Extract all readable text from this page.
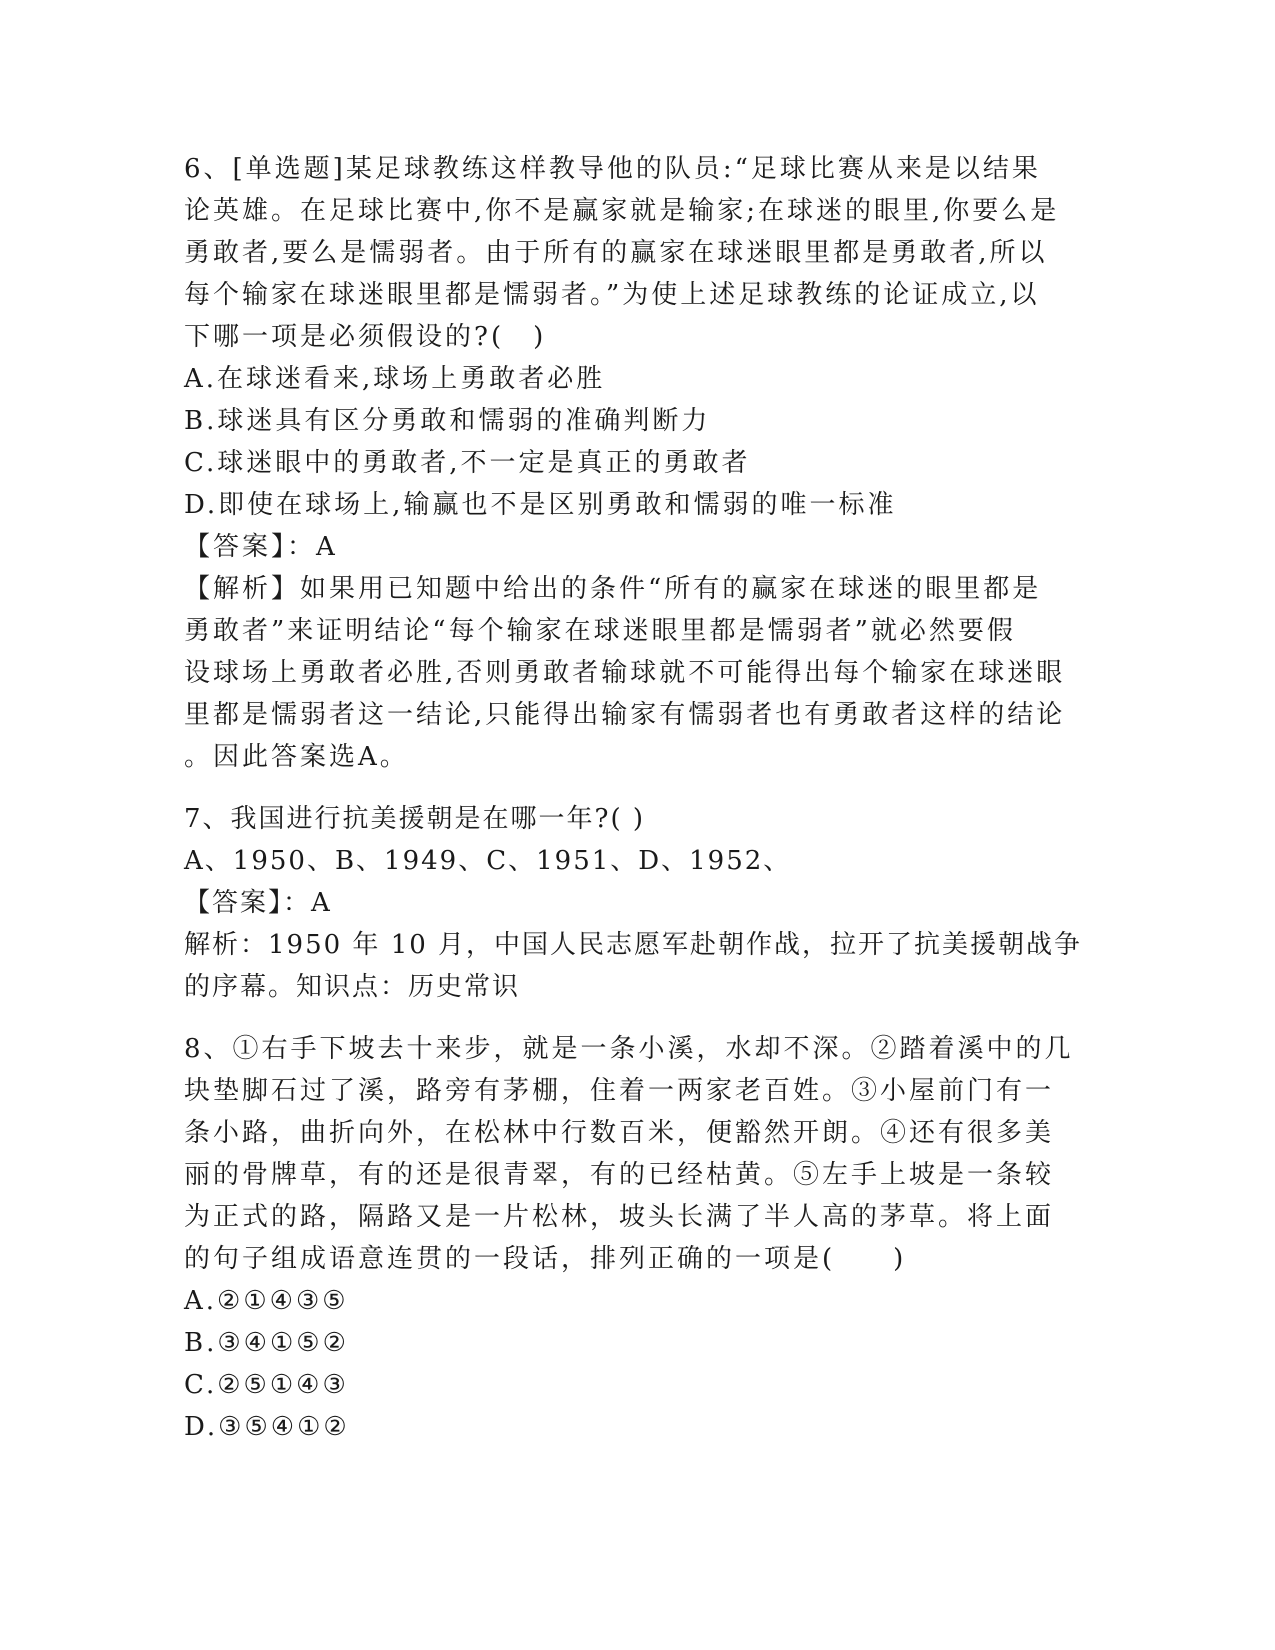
6、[单选题]某足球教练这样教导他的队员:“足球比赛从来是以结果
论英雄。在足球比赛中,你不是赢家就是输家;在球迷的眼里,你要么是
勇敢者,要么是懦弱者。由于所有的赢家在球迷眼里都是勇敢者,所以
每个输家在球迷眼里都是懦弱者。”为使上述足球教练的论证成立,以
下哪一项是必须假设的?(　)
A.在球迷看来,球场上勇敢者必胜
B.球迷具有区分勇敢和懦弱的准确判断力
C.球迷眼中的勇敢者,不一定是真正的勇敢者
D.即使在球场上,输赢也不是区别勇敢和懦弱的唯一标准
【答案】：A
【解析】如果用已知题中给出的条件“所有的赢家在球迷的眼里都是
勇敢者”来证明结论“每个输家在球迷眼里都是懦弱者”就必然要假
设球场上勇敢者必胜,否则勇敢者输球就不可能得出每个输家在球迷眼
里都是懦弱者这一结论,只能得出输家有懦弱者也有勇敢者这样的结论
。因此答案选A。
7、我国进行抗美援朝是在哪一年?( )
A、1950、B、1949、C、1951、D、1952、
【答案】：A
解析：1950 年 10 月，中国人民志愿军赴朝作战，拉开了抗美援朝战争
的序幕。知识点：历史常识
8、①右手下坡去十来步，就是一条小溪，水却不深。②踏着溪中的几
块垫脚石过了溪，路旁有茅棚，住着一两家老百姓。③小屋前门有一
条小路，曲折向外，在松林中行数百米，便豁然开朗。④还有很多美
丽的骨牌草，有的还是很青翠，有的已经枯黄。⑤左手上坡是一条较
为正式的路，隔路又是一片松林，坡头长满了半人高的茅草。将上面
的句子组成语意连贯的一段话，排列正确的一项是(　　)
A.②①④③⑤
B.③④①⑤②
C.②⑤①④③
D.③⑤④①②
